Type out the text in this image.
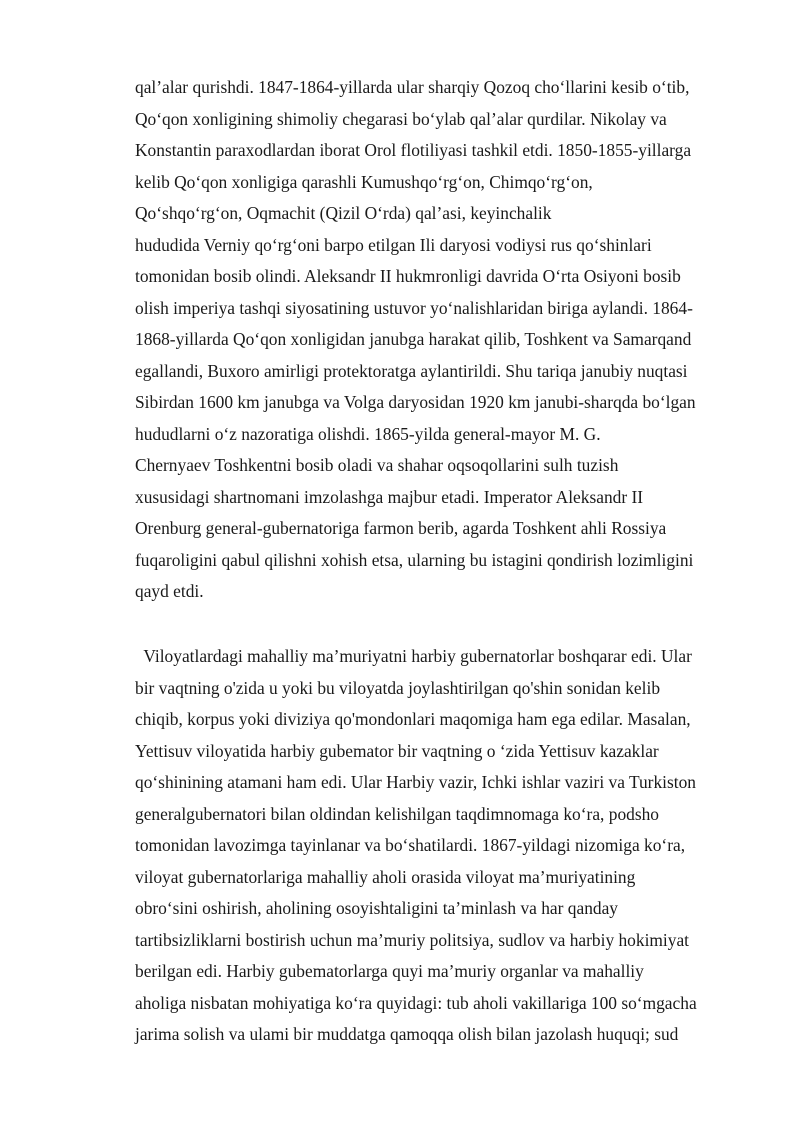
qal’alar qurishdi. 1847-1864-yillarda ular sharqiy Qozoq cho‘llarini kesib o‘tib,
Qo‘qon xonligining shimoliy chegarasi bo‘ylab qal’alar qurdilar. Nikolay va
Konstantin paraxodlardan iborat Orol flotiliyasi tashkil etdi. 1850-1855-yillarga
kelib Qo‘qon xonligiga qarashli Kumushqo‘rg‘on, Chimqo‘rg‘on,
Qo‘shqo‘rg‘on, Oqmachit (Qizil O‘rda) qal’asi, keyinchalik
hududida Verniy qo‘rg‘oni barpo etilgan Ili daryosi vodiysi rus qo‘shinlari
tomonidan bosib olindi. Aleksandr II hukmronligi davrida O‘rta Osiyoni bosib
olish imperiya tashqi siyosatining ustuvor yo‘nalishlaridan biriga aylandi. 1864-
1868-yillarda Qo‘qon xonligidan janubga harakat qilib, Toshkent va Samarqand
egallandi, Buxoro amirligi protektoratga aylantirildi. Shu tariqa janubiy nuqtasi
Sibirdan 1600 km janubga va Volga daryosidan 1920 km janubi-sharqda bo‘lgan
hududlarni o‘z nazoratiga olishdi. 1865-yilda general-mayor M. G.
Chernyaev Toshkentni bosib oladi va shahar oqsoqollarini sulh tuzish
xususidagi shartnomani imzolashga majbur etadi. Imperator Aleksandr II
Orenburg general-gubernatoriga farmon berib, agarda Toshkent ahli Rossiya
fuqaroligini qabul qilishni xohish etsa, ularning bu istagini qondirish lozimligini
qayd etdi.
Viloyatlardagi mahalliy ma’muriyatni harbiy gubernatorlar boshqarar edi. Ular
bir vaqtning o'zida u yoki bu viloyatda joylashtirilgan qo'shin sonidan kelib
chiqib, korpus yoki diviziya qo'mondonlari maqomiga ham ega edilar. Masalan,
Yettisuv viloyatida harbiy gubemator bir vaqtning o ‘zida Yettisuv kazaklar
qo‘shinining atamani ham edi. Ular Harbiy vazir, Ichki ishlar vaziri va Turkiston
generalgubernatori bilan oldindan kelishilgan taqdimnomaga ko‘ra, podsho
tomonidan lavozimga tayinlanar va bo‘shatilardi. 1867-yildagi nizomiga ko‘ra,
viloyat gubernatorlariga mahalliy aholi orasida viloyat ma’muriyatining
obro‘sini oshirish, aholining osoyishtaligini ta’minlash va har qanday
tartibsizliklarni bostirish uchun ma’muriy politsiya, sudlov va harbiy hokimiyat
berilgan edi. Harbiy gubematorlarga quyi ma’muriy organlar va mahalliy
aholiga nisbatan mohiyatiga ko‘ra quyidagi: tub aholi vakillariga 100 so‘mgacha
jarima solish va ulami bir muddatga qamoqqa olish bilan jazolash huquqi; sud
